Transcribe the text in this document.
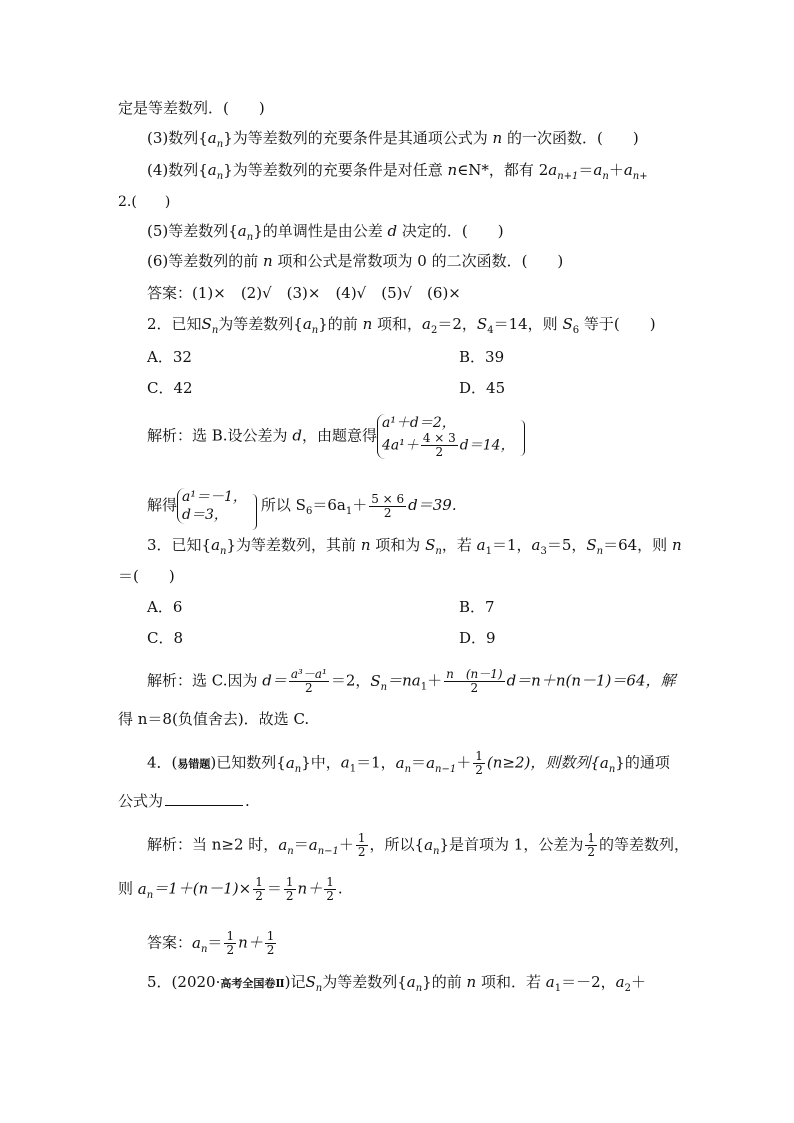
定是等差数列．(　　)
(3)数列$\{a_n\}$为等差数列的充要条件是其通项公式为 n 的一次函数．(　　)
(4)数列$\{a_n\}$为等差数列的充要条件是对任意 n∈N*，都有 $2a_{n+1}=a_n+a_{n+}$
2.(　　)
(5)等差数列$\{a_n\}$的单调性是由公差 d 决定的．(　　)
(6)等差数列的前 n 项和公式是常数项为 0 的二次函数．(　　)
答案：(1)×　(2)√　(3)×　(4)√　(5)√　(6)×
2．已知$S_n$为等差数列$\{a_n\}$的前 n 项和，$a_2=2$，$S_4=14$，则 $S_6$ 等于(　　)
A．32	B．39
C．42	D．45
解析：选 B.设公差为 d，由题意得a¹＋d＝2，
$4a^1+ \frac{4 \times 3}{2} d=14$，
解得 a¹＝－1，
d＝3，
所以 $S_6=6a_1+ \frac{5 \times 6}{2} d=39$.
3．已知$\{a_n\}$为等差数列，其前 n 项和为 $S_n$，若 $a_1=1$，$a_3=5$，$S_n=64$，则 n
＝(　　)
A．6	B．7
C．8	D．9
解析：选 C.因为 $d= \frac{\text{a³－a¹}}{2} =2$，$S_n=na_1+ \frac{n (n-1)}{2} d=n+n(n-1)=64$，解
得 n＝8(负值舍去)．故选 C.
4．(易错题)已知数列$\{a_n\}$中，$a_1=1$，$a_n=a_{n-1}+ \frac{1}{2} (n\ge 2)$，则数列$\{a_n\}$的通项
公式为	.
解析：当 n≥2 时，$a_n=a_{n-1}+ \frac{1}{2}$ ，所以$\{a_n\}$是首项为 1，公差为 $\frac{1}{2}$ 的等差数列，
则 $a_n=1+(n-1)\times \frac{1}{2} = \frac{1}{2} n+ \frac{1}{2}$ .
答案：$a_n= \frac{1}{2} n+ \frac{1}{2}$
5．(2020·高考全国卷Ⅱ)记$S_n$为等差数列$\{a_n\}$的前 n 项和．若 $a_1=-2$，$a_2+$
